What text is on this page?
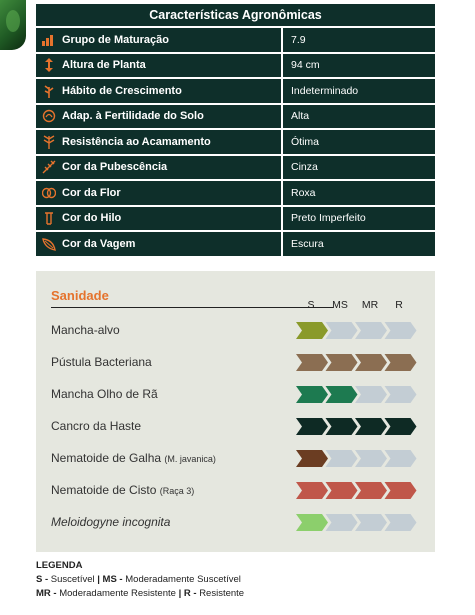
Características Agronômicas
Grupo de Maturação	7.9
Altura de Planta	94 cm
Hábito de Crescimento	Indeterminado
Adap. à Fertilidade do Solo	Alta
Resistência ao Acamamento	Ótima
Cor da Pubescência	Cinza
Cor da Flor	Roxa
Cor do Hilo	Preto Imperfeito
Cor da Vagem	Escura
Sanidade
S	MS	MR	R
Mancha-alvo
Pústula Bacteriana
Mancha Olho de Rã
Cancro da Haste
Nematoide de Galha (M. javanica)
Nematoide de Cisto (Raça 3)
Meloidogyne incognita
LEGENDA
S - Suscetível | MS - Moderadamente Suscetível
MR - Moderadamente Resistente | R - Resistente
